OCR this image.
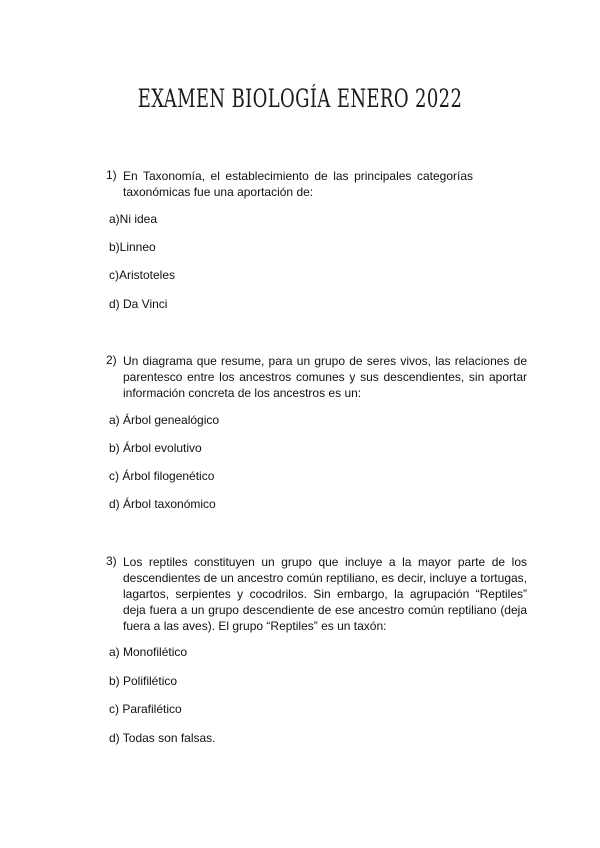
EXAMEN BIOLOGÍA ENERO 2022
1) En Taxonomía, el establecimiento de las principales categorías taxonómicas fue una aportación de:
a)Ni idea
b)Linneo
c)Aristoteles
d) Da Vinci
2) Un diagrama que resume, para un grupo de seres vivos, las relaciones de parentesco entre los ancestros comunes y sus descendientes, sin aportar información concreta de los ancestros es un:
a) Árbol genealógico
b) Árbol evolutivo
c) Árbol filogenético
d) Árbol taxonómico
3) Los reptiles constituyen un grupo que incluye a la mayor parte de los descendientes de un ancestro común reptiliano, es decir, incluye a tortugas, lagartos, serpientes y cocodrilos. Sin embargo, la agrupación “Reptiles” deja fuera a un grupo descendiente de ese ancestro común reptiliano (deja fuera a las aves). El grupo “Reptiles” es un taxón:
a) Monofilético
b) Polifilético
c) Parafilético
d) Todas son falsas.
